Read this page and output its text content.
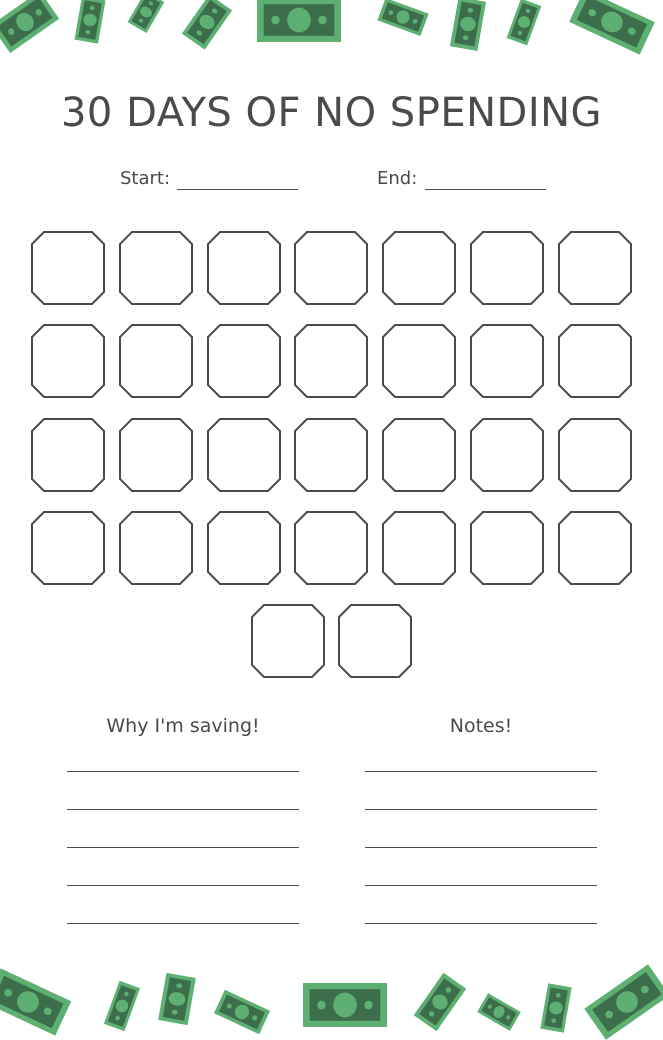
30 DAYS OF NO SPENDING
Start:	End:
Why I'm saving!	Notes!
